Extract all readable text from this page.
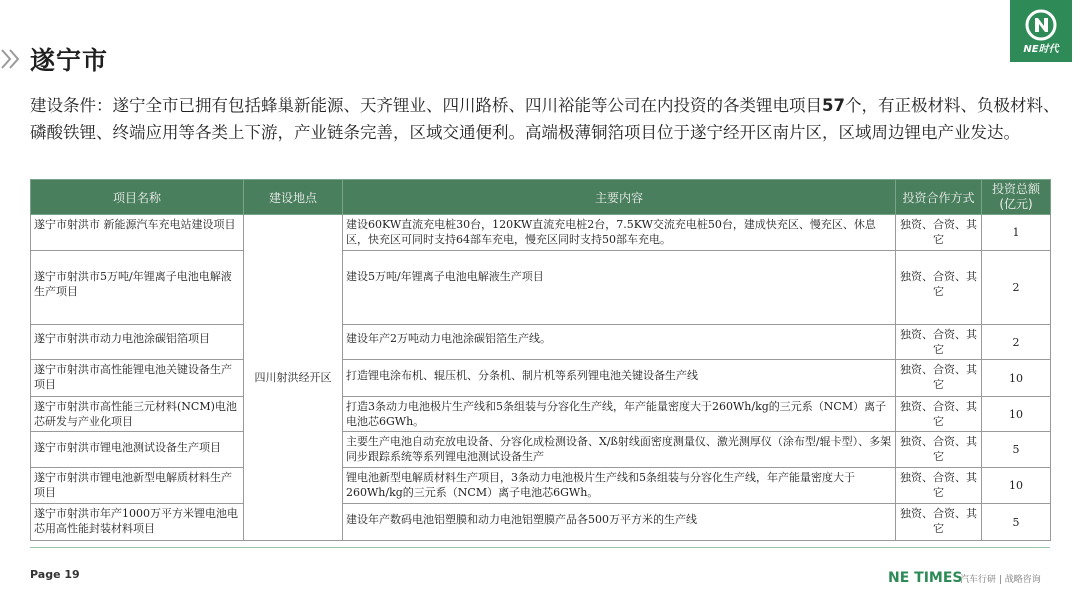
遂宁市	NE时代
建设条件：遂宁全市已拥有包括蜂巢新能源、天齐锂业、四川路桥、四川裕能等公司在内投资的各类锂电项目57个，有正极材料、负极材料、磷酸铁锂、终端应用等各类上下游，产业链条完善，区域交通便利。高端极薄铜箔项目位于遂宁经开区南片区，区域周边锂电产业发达。
项目名称	建设地点	主要内容	投资合作方式	投资总额
(亿元)
遂宁市射洪市 新能源汽车充电站建设项目	四川射洪经开区	建设60KW直流充电桩30台，120KW直流充电桩2台，7.5KW交流充电桩50台，建成快充区、慢充区、休息区，快充区可同时支持64部车充电，慢充区同时支持50部车充电。	独资、合资、其它	1
遂宁市射洪市5万吨/年锂离子电池电解液生产项目		建设5万吨/年锂离子电池电解液生产项目	独资、合资、其它	2
遂宁市射洪市动力电池涂碳铝箔项目		建设年产2万吨动力电池涂碳铝箔生产线。	独资、合资、其它	2
遂宁市射洪市高性能锂电池关键设备生产项目		打造锂电涂布机、辊压机、分条机、制片机等系列锂电池关键设备生产线	独资、合资、其它	10
遂宁市射洪市高性能三元材料(NCM)电池芯研发与产业化项目		打造3条动力电池极片生产线和5条组装与分容化生产线，年产能量密度大于260Wh/kg的三元系（NCM）离子电池芯6GWh。	独资、合资、其它	10
遂宁市射洪市锂电池测试设备生产项目		主要生产电池自动充放电设备、分容化成检测设备、X/ß射线面密度测量仪、激光测厚仪（涂布型/辊卡型）、多架同步跟踪系统等系列锂电池测试设备生产	独资、合资、其它	5
遂宁市射洪市锂电池新型电解质材料生产项目		锂电池新型电解质材料生产项目，3条动力电池极片生产线和5条组装与分容化生产线，年产能量密度大于260Wh/kg的三元系（NCM）离子电池芯6GWh。	独资、合资、其它	10
遂宁市射洪市年产1000万平方米锂电池电芯用高性能封装材料项目		建设年产数码电池铝塑膜和动力电池铝塑膜产品各500万平方米的生产线	独资、合资、其它	5
Page 19	NE TIMES
汽车行研 | 战略咨询
